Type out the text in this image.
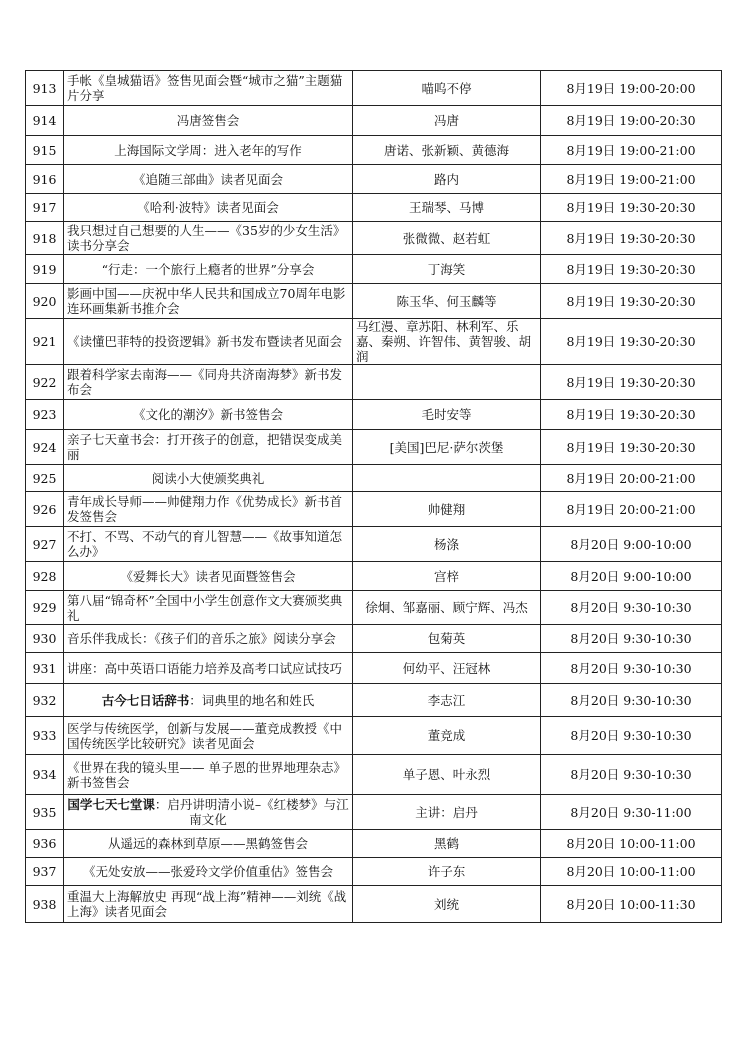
913	手帐《皇城猫语》签售见面会暨“城市之猫”主题猫片分享	喵呜不停	8月19日 19:00-20:00
914	冯唐签售会	冯唐	8月19日 19:00-20:30
915	上海国际文学周：进入老年的写作	唐诺、张新颖、黄德海	8月19日 19:00-21:00
916	《追随三部曲》读者见面会	路内	8月19日 19:00-21:00
917	《哈利·波特》读者见面会	王瑞琴、马博	8月19日 19:30-20:30
918	我只想过自己想要的人生——《35岁的少女生活》读书分享会	张微微、赵若虹	8月19日 19:30-20:30
919	“行走：一个旅行上瘾者的世界”分享会	丁海笑	8月19日 19:30-20:30
920	影画中国——庆祝中华人民共和国成立70周年电影连环画集新书推介会	陈玉华、何玉麟等	8月19日 19:30-20:30
921	《读懂巴菲特的投资逻辑》新书发布暨读者见面会	马红漫、章苏阳、林利军、乐嘉、秦朔、许智伟、黄智骏、胡润	8月19日 19:30-20:30
922	跟着科学家去南海——《同舟共济南海梦》新书发布会		8月19日 19:30-20:30
923	《文化的潮汐》新书签售会	毛时安等	8月19日 19:30-20:30
924	亲子七天童书会：打开孩子的创意，把错误变成美丽	[美国]巴尼·萨尔茨堡	8月19日 19:30-20:30
925	阅读小大使颁奖典礼		8月19日 20:00-21:00
926	青年成长导师——帅健翔力作《优势成长》新书首发签售会	帅健翔	8月19日 20:00-21:00
927	不打、不骂、不动气的育儿智慧——《故事知道怎么办》	杨涤	8月20日 9:00-10:00
928	《爱舞长大》读者见面暨签售会	宫梓	8月20日 9:00-10:00
929	第八届“锦奇杯”全国中小学生创意作文大赛颁奖典礼	徐炯、邹嘉丽、顾宁辉、冯杰	8月20日 9:30-10:30
930	音乐伴我成长：《孩子们的音乐之旅》阅读分享会	包菊英	8月20日 9:30-10:30
931	讲座：高中英语口语能力培养及高考口试应试技巧	何幼平、汪冠林	8月20日 9:30-10:30
932	古今七日话辞书：词典里的地名和姓氏	李志江	8月20日 9:30-10:30
933	医学与传统医学，创新与发展——董竞成教授《中国传统医学比较研究》读者见面会	董竞成	8月20日 9:30-10:30
934	《世界在我的镜头里—— 单子恩的世界地理杂志》新书签售会	单子恩、叶永烈	8月20日 9:30-10:30
935	国学七天七堂课：启丹讲明清小说–《红楼梦》与江南文化	主讲：启丹	8月20日 9:30-11:00
936	从遥远的森林到草原——黑鹤签售会	黑鹤	8月20日 10:00-11:00
937	《无处安放——张爱玲文学价值重估》签售会	许子东	8月20日 10:00-11:00
938	重温大上海解放史 再现“战上海”精神——刘统《战上海》读者见面会	刘统	8月20日 10:00-11:30
